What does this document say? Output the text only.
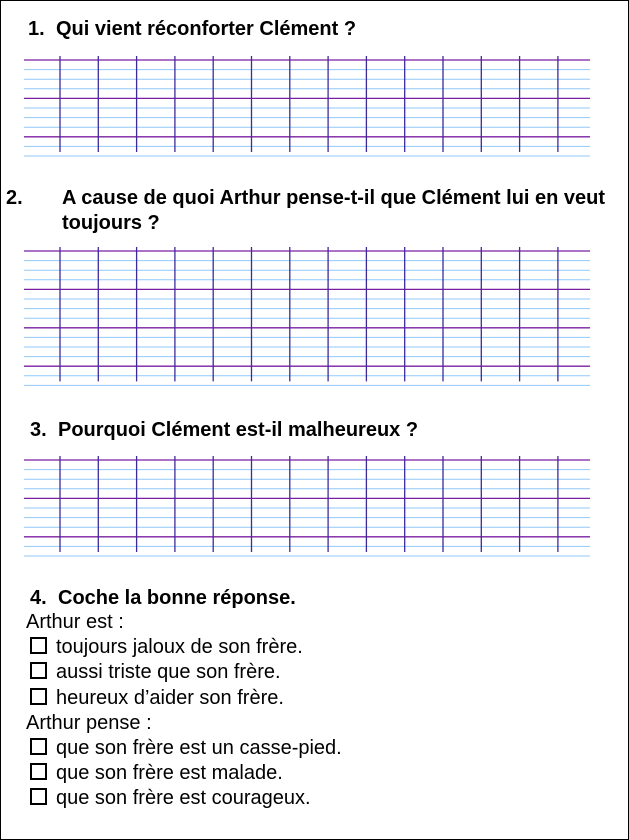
1. Qui vient réconforter Clément ?
2. A cause de quoi Arthur pense-t-il que Clément lui en veut toujours ?
3. Pourquoi Clément est-il malheureux ?
4. Coche la bonne réponse.
Arthur est :
toujours jaloux de son frère.
aussi triste que son frère.
heureux d’aider son frère.
Arthur pense :
que son frère est un casse-pied.
que son frère est malade.
que son frère est courageux.
